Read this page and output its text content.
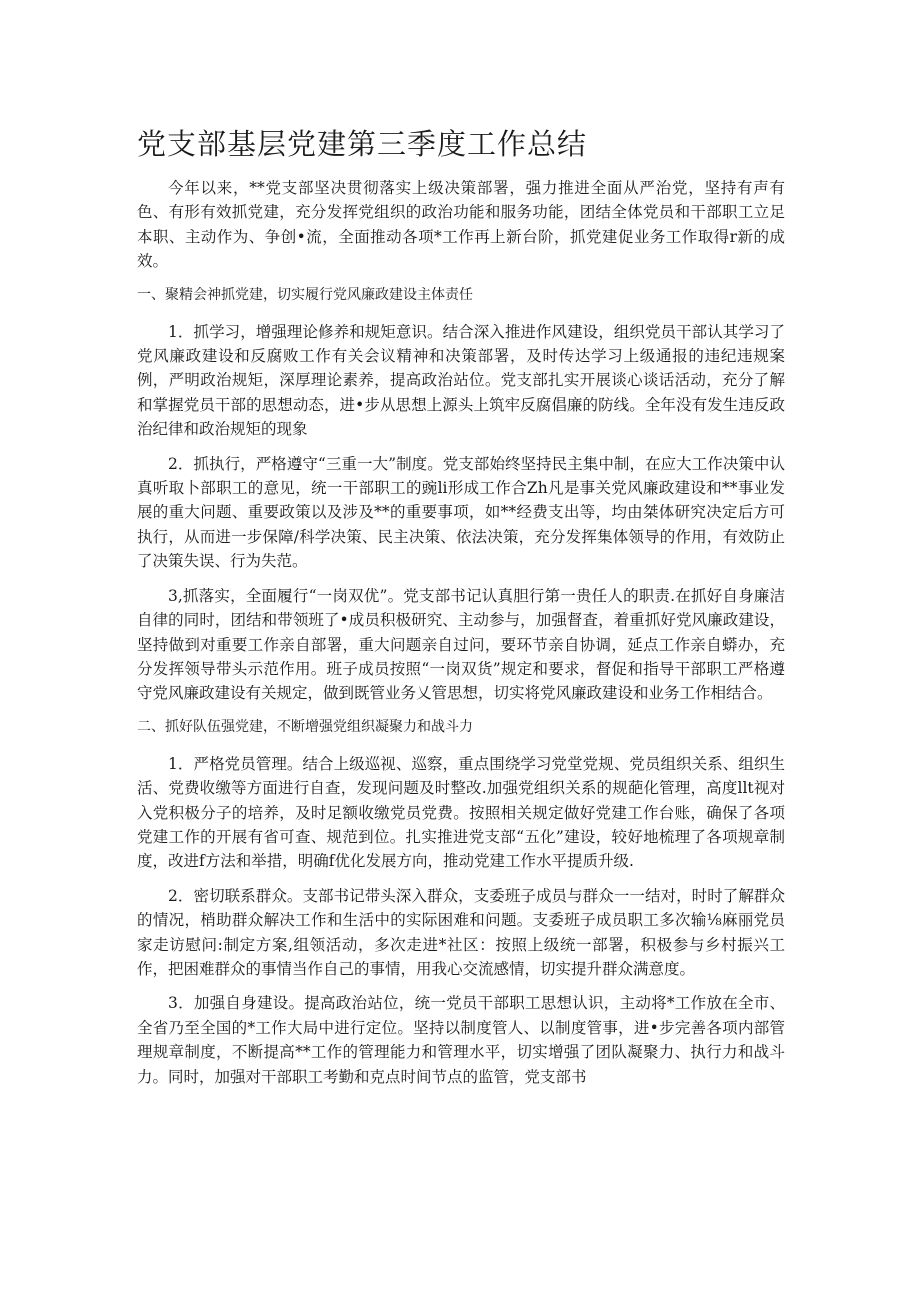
党支部基层党建第三季度工作总结

今年以来，**党支部坚决贯彻落实上级决策部署，强力推进全面从严治党，坚持有声有色、有形有效抓党建，充分发挥党组织的政治功能和服务功能，团结全体党员和干部职工立足本职、主动作为、争创•流，全面推动各项*工作再上新台阶，抓党建促业务工作取得r新的成效。

一、聚精会神抓党建，切实履行党风廉政建设主体责任

1．抓学习，增强理论修养和规矩意识。结合深入推进作风建设，组织党员干部认其学习了党风廉政建设和反腐败工作有关会议精神和决策部署，及时传达学习上级通报的违纪违规案例，严明政治规矩，深厚理论素养，提高政治站位。党支部扎实开展谈心谈话活动，充分了解和掌握党员干部的思想动态，进•步从思想上源头上筑牢反腐倡廉的防线。全年没有发生违反政治纪律和政治规矩的现象

2．抓执行，严格遵守“三重一大”制度。党支部始终坚持民主集中制，在应大工作决策中认真听取卜部职工的意见，统一干部职工的豌li形成工作合Zh凡是事关党风廉政建设和**事业发展的重大问题、重要政策以及涉及**的重要事项，如**经费支出等，均由桀体研究决定后方可执行，从而进一步保障/科学决策、民主决策、依法决策，充分发挥集体领导的作用，有效防止了决策失误、行为失范。

3,抓落实，全面履行“一岗双优”。党支部书记认真胆行第一贵任人的职责.在抓好自身廉洁自律的同时，团结和带领班了•成员积极研究、主动参与，加强督査，着重抓好党风廉政建设，坚持做到对重要工作亲自部署，重大问题亲自过问，要环节亲自协调，延点工作亲自蟒办，充分发挥领导带头示范作用。班子成员按照“一岗双货”规定和要求，督促和指导干部职工严格遵守党风廉政建设有关规定，做到既管业务乂管思想，切实将党风廉政建设和业务工作相结合。

二、抓好队伍强党建，不断增强党组织凝聚力和战斗力

1．严格党员管理。结合上级巡视、巡察，重点围绕学习党堂党规、党员组织关系、组织生活、党费收缴等方面进行自查，发现问题及时整改.加强党组织关系的规葩化管理，高度llt视对入党积极分子的培养，及时足额收缴党员党费。按照相关规定做好党建工作台账，确保了各项党建工作的开展有省可查、规范到位。扎实推进党支部“五化”建设，较好地梳理了各项规章制度，改进f方法和举措，明确f优化发展方向，推动党建工作水平提质升级.

2．密切联系群众。支部书记带头深入群众，支委班子成员与群众一一结对，时时了解群众的情况，梢助群众解决工作和生活中的实际困难和问题。支委班子成员职工多次输⅛麻丽党员家走访慰问:制定方案,组领活动，多次走进*社区：按照上级统一部署，积极参与乡村振兴工作，把困难群众的事情当作自己的事情，用我心交流感情，切实提升群众满意度。

3．加强自身建设。提高政治站位，统一党员干部职工思想认识，主动将*工作放在全市、全省乃至全国的*工作大局中进行定位。坚持以制度管人、以制度管事，进•步完善各项内部管理规章制度，不断提高**工作的管理能力和管理水平，切实增强了团队凝聚力、执行力和战斗力。同时，加强对干部职工考勤和克点时间节点的监管，党支部书
